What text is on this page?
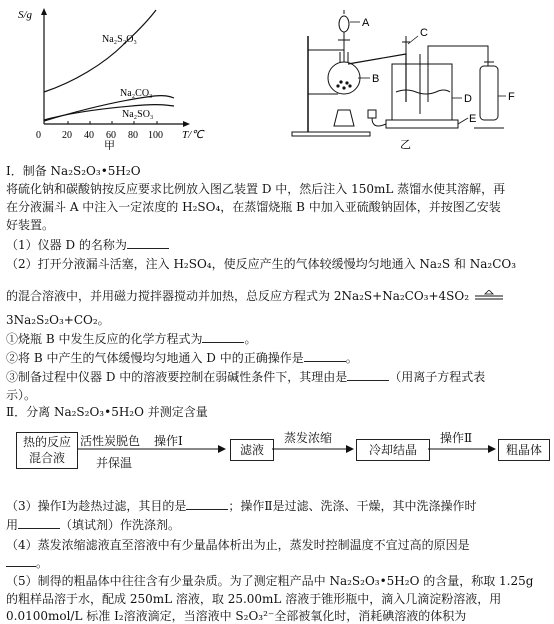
S/g
T/℃
0 20 40 60 80 100
Na₂S₂O₃
Na₂CO₃
Na₂SO₃
甲
A
B
C
D
E
F
乙
Ⅰ．制备 Na₂S₂O₃•5H₂O
将硫化钠和碳酸钠按反应要求比例放入图乙装置 D 中，然后注入 150mL 蒸馏水使其溶解，再
在分液漏斗 A 中注入一定浓度的 H₂SO₄，在蒸馏烧瓶 B 中加入亚硫酸钠固体，并按图乙安装
好装置。
（1）仪器 D 的名称为
（2）打开分液漏斗活塞，注入 H₂SO₄，使反应产生的气体较缓慢均匀地通入 Na₂S 和 Na₂CO₃
的混合溶液中，并用磁力搅拌器搅动并加热，总反应方程式为 2Na₂S+Na₂CO₃+4SO₂ ⇌
3Na₂S₂O₃+CO₂。
①烧瓶 B 中发生反应的化学方程式为	。
②将 B 中产生的气体缓慢均匀地通入 D 中的正确操作是	。
③制备过程中仪器 D 中的溶液要控制在弱碱性条件下，其理由是	（用离子方程式表
示）。
Ⅱ．分离 Na₂S₂O₃•5H₂O 并测定含量
热的反应
混合液
活性炭脱色
并保温
操作Ⅰ
滤液
蒸发浓缩
冷却结晶
操作Ⅱ
粗晶体
（3）操作Ⅰ为趁热过滤，其目的是	；操作Ⅱ是过滤、洗涤、干燥，其中洗涤操作时
用	（填试剂）作洗涤剂。
（4）蒸发浓缩滤液直至溶液中有少量晶体析出为止，蒸发时控制温度不宜过高的原因是
。
（5）制得的粗晶体中往往含有少量杂质。为了测定粗产品中 Na₂S₂O₃•5H₂O 的含量，称取 1.25g
的粗样品溶于水，配成 250mL 溶液，取 25.00mL 溶液于锥形瓶中，滴入几滴淀粉溶液，用
0.0100mol/L 标准 I₂溶液滴定，当溶液中 S₂O₃²⁻全部被氧化时，消耗碘溶液的体积为
